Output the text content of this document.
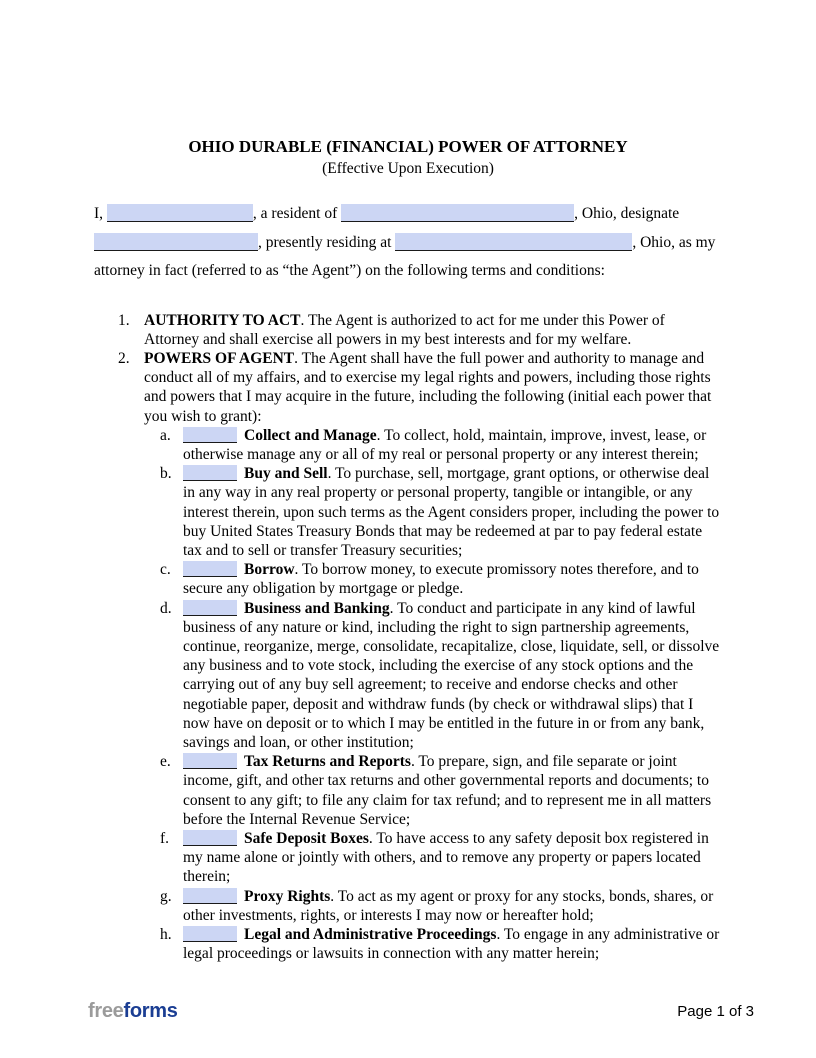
OHIO DURABLE (FINANCIAL) POWER OF ATTORNEY
(Effective Upon Execution)

I,	, a resident of	, Ohio, designate , presently residing at	, Ohio, as my attorney in fact (referred to as “the Agent”) on the following terms and conditions:

1. AUTHORITY TO ACT. The Agent is authorized to act for me under this Power of Attorney and shall exercise all powers in my best interests and for my welfare.
2. POWERS OF AGENT. The Agent shall have the full power and authority to manage and conduct all of my affairs, and to exercise my legal rights and powers, including those rights and powers that I may acquire in the future, including the following (initial each power that you wish to grant):
a.	Collect and Manage. To collect, hold, maintain, improve, invest, lease, or otherwise manage any or all of my real or personal property or any interest therein;
b.	Buy and Sell. To purchase, sell, mortgage, grant options, or otherwise deal in any way in any real property or personal property, tangible or intangible, or any interest therein, upon such terms as the Agent considers proper, including the power to buy United States Treasury Bonds that may be redeemed at par to pay federal estate tax and to sell or transfer Treasury securities;
c.	Borrow. To borrow money, to execute promissory notes therefore, and to secure any obligation by mortgage or pledge.
d.	Business and Banking. To conduct and participate in any kind of lawful business of any nature or kind, including the right to sign partnership agreements, continue, reorganize, merge, consolidate, recapitalize, close, liquidate, sell, or dissolve any business and to vote stock, including the exercise of any stock options and the carrying out of any buy sell agreement; to receive and endorse checks and other negotiable paper, deposit and withdraw funds (by check or withdrawal slips) that I now have on deposit or to which I may be entitled in the future in or from any bank, savings and loan, or other institution;
e.	Tax Returns and Reports. To prepare, sign, and file separate or joint income, gift, and other tax returns and other governmental reports and documents; to consent to any gift; to file any claim for tax refund; and to represent me in all matters before the Internal Revenue Service;
f.	Safe Deposit Boxes. To have access to any safety deposit box registered in my name alone or jointly with others, and to remove any property or papers located therein;
g.	Proxy Rights. To act as my agent or proxy for any stocks, bonds, shares, or other investments, rights, or interests I may now or hereafter hold;
h.	Legal and Administrative Proceedings. To engage in any administrative or legal proceedings or lawsuits in connection with any matter herein;
freeforms	Page 1 of 3
